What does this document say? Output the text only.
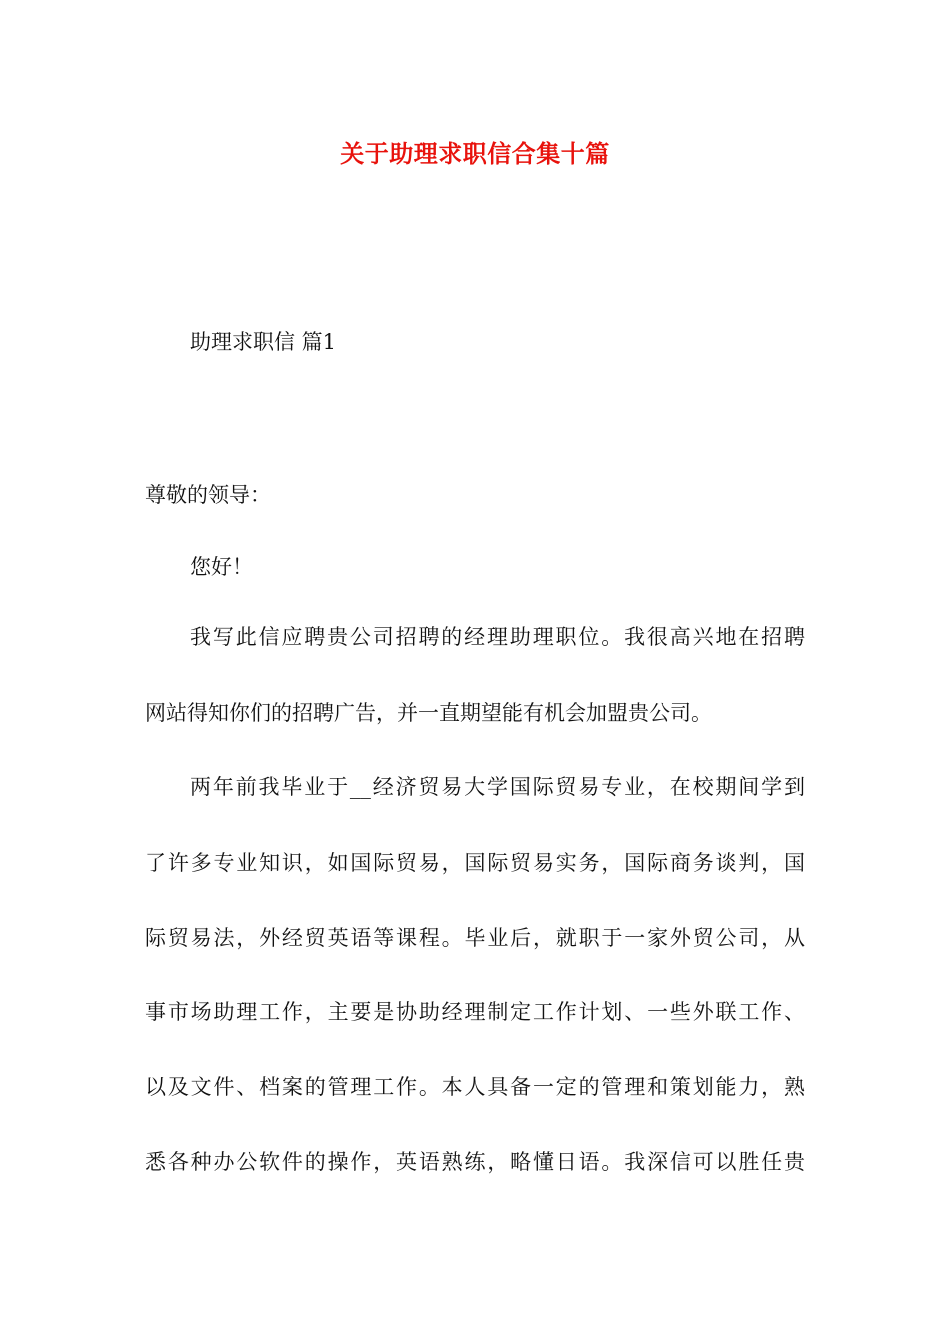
关于助理求职信合集十篇
助理求职信 篇1
尊敬的领导：
您好！
我写此信应聘贵公司招聘的经理助理职位。我很高兴地在招聘
网站得知你们的招聘广告，并一直期望能有机会加盟贵公司。
两年前我毕业于__经济贸易大学国际贸易专业，在校期间学到
了许多专业知识，如国际贸易，国际贸易实务，国际商务谈判，国
际贸易法，外经贸英语等课程。毕业后，就职于一家外贸公司，从
事市场助理工作，主要是协助经理制定工作计划、一些外联工作、
以及文件、档案的管理工作。本人具备一定的管理和策划能力，熟
悉各种办公软件的操作，英语熟练，略懂日语。我深信可以胜任贵
